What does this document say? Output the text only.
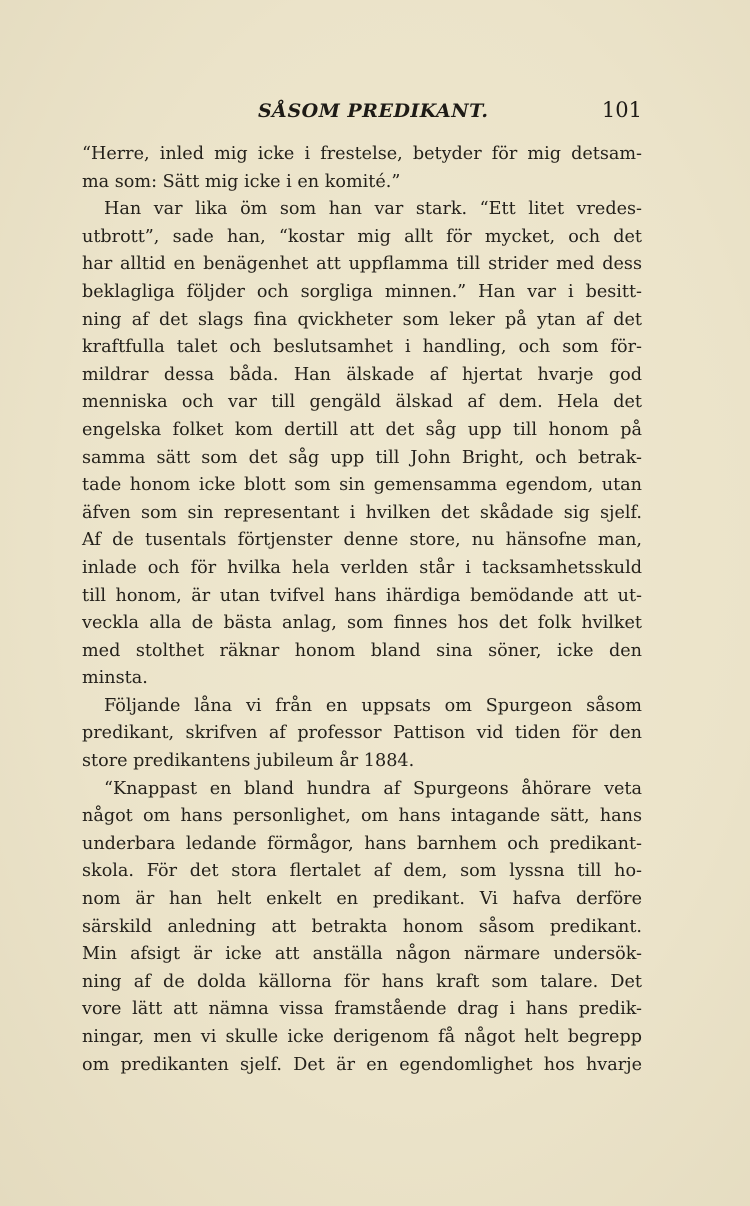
SÅSOM PREDIKANT.	101
“Herre, inled mig icke i frestelse, betyder för mig detsam-
ma som: Sätt mig icke i en komité.”
Han var lika öm som han var stark. “Ett litet vredes-
utbrott”, sade han, “kostar mig allt för mycket, och det
har alltid en benägenhet att uppflamma till strider med dess
beklagliga följder och sorgliga minnen.” Han var i besitt-
ning af det slags fina qvickheter som leker på ytan af det
kraftfulla talet och beslutsamhet i handling, och som för-
mildrar dessa båda. Han älskade af hjertat hvarje god
menniska och var till gengäld älskad af dem. Hela det
engelska folket kom dertill att det såg upp till honom på
samma sätt som det såg upp till John Bright, och betrak-
tade honom icke blott som sin gemensamma egendom, utan
äfven som sin representant i hvilken det skådade sig sjelf.
Af de tusentals förtjenster denne store, nu hänsofne man,
inlade och för hvilka hela verlden står i tacksamhetsskuld
till honom, är utan tvifvel hans ihärdiga bemödande att ut-
veckla alla de bästa anlag, som finnes hos det folk hvilket
med stolthet räknar honom bland sina söner, icke den
minsta.
Följande låna vi från en uppsats om Spurgeon såsom
predikant, skrifven af professor Pattison vid tiden för den
store predikantens jubileum år 1884.
“Knappast en bland hundra af Spurgeons åhörare veta
något om hans personlighet, om hans intagande sätt, hans
underbara ledande förmågor, hans barnhem och predikant-
skola. För det stora flertalet af dem, som lyssna till ho-
nom är han helt enkelt en predikant. Vi hafva derföre
särskild anledning att betrakta honom såsom predikant.
Min afsigt är icke att anställa någon närmare undersök-
ning af de dolda källorna för hans kraft som talare. Det
vore lätt att nämna vissa framstående drag i hans predik-
ningar, men vi skulle icke derigenom få något helt begrepp
om predikanten sjelf. Det är en egendomlighet hos hvarje
